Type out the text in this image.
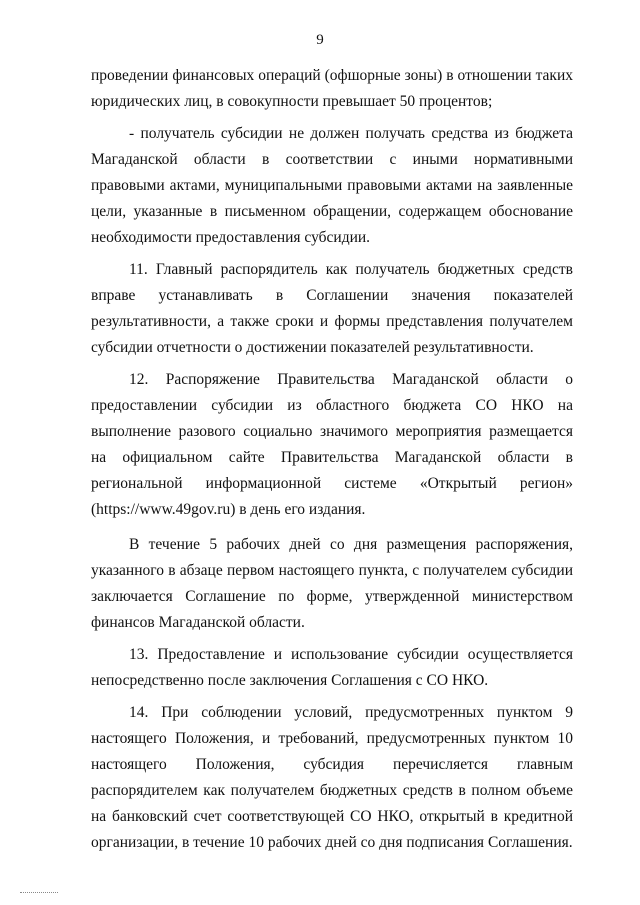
9

проведении финансовых операций (офшорные зоны) в отношении таких юридических лиц, в совокупности превышает 50 процентов;

- получатель субсидии не должен получать средства из бюджета Магаданской области в соответствии с иными нормативными правовыми актами, муниципальными правовыми актами на заявленные цели, указанные в письменном обращении, содержащем обоснование необходимости предоставления субсидии.

11. Главный распорядитель как получатель бюджетных средств вправе устанавливать в Соглашении значения показателей результативности, а также сроки и формы представления получателем субсидии отчетности о достижении показателей результативности.

12. Распоряжение Правительства Магаданской области о предоставлении субсидии из областного бюджета СО НКО на выполнение разового социально значимого мероприятия размещается на официальном сайте Правительства Магаданской области в региональной информационной системе «Открытый регион» (https://www.49gov.ru) в день его издания.

В течение 5 рабочих дней со дня размещения распоряжения, указанного в абзаце первом настоящего пункта, с получателем субсидии заключается Соглашение по форме, утвержденной министерством финансов Магаданской области.

13. Предоставление и использование субсидии осуществляется непосредственно после заключения Соглашения с СО НКО.

14. При соблюдении условий, предусмотренных пунктом 9 настоящего Положения, и требований, предусмотренных пунктом 10 настоящего Положения, субсидия перечисляется главным распорядителем как получателем бюджетных средств в полном объеме на банковский счет соответствующей СО НКО, открытый в кредитной организации, в течение 10 рабочих дней со дня подписания Соглашения.
